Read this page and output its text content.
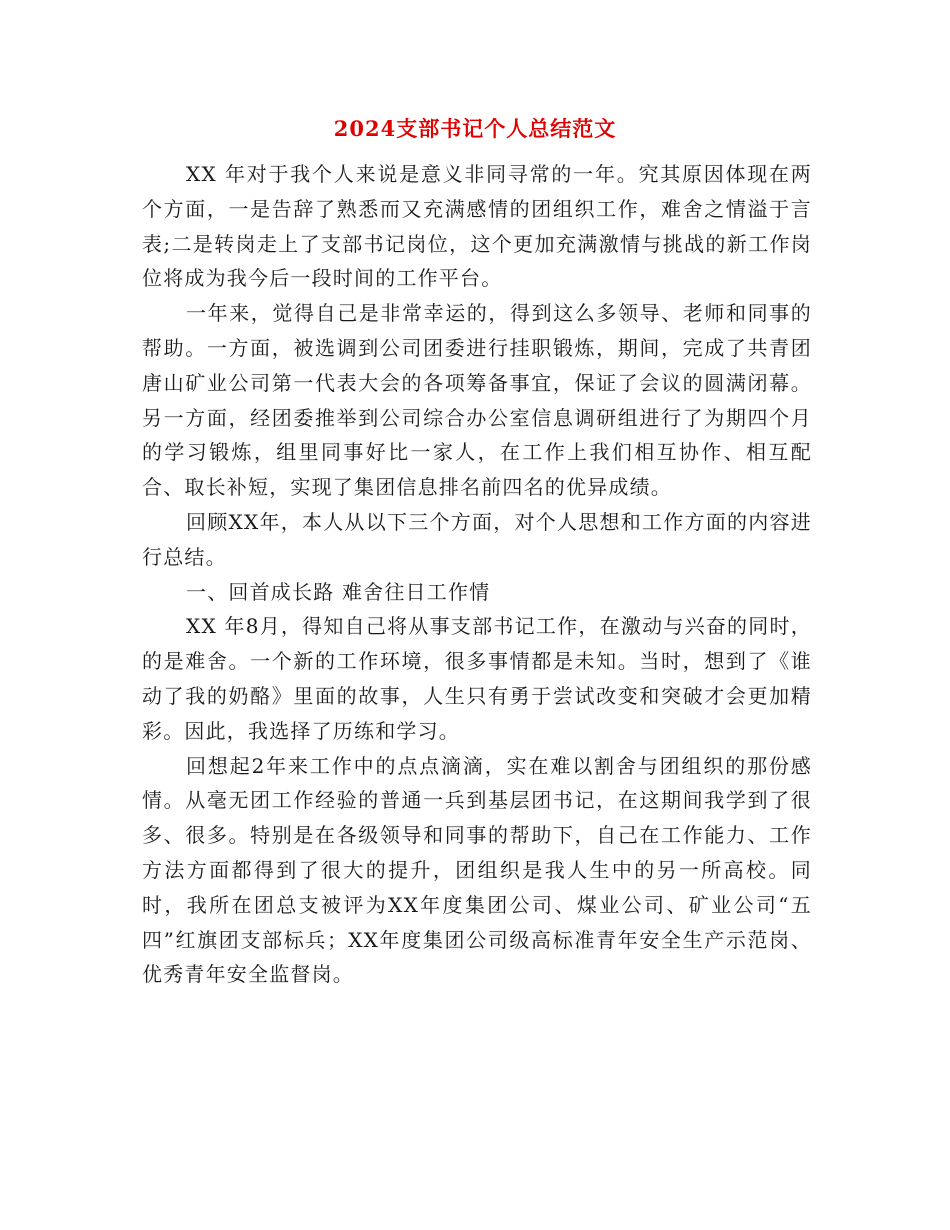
2024支部书记个人总结范文

XX 年对于我个人来说是意义非同寻常的一年。究其原因体现在两个方面，一是告辞了熟悉而又充满感情的团组织工作，难舍之情溢于言表;二是转岗走上了支部书记岗位，这个更加充满激情与挑战的新工作岗位将成为我今后一段时间的工作平台。

一年来，觉得自己是非常幸运的，得到这么多领导、老师和同事的帮助。一方面，被选调到公司团委进行挂职锻炼，期间，完成了共青团唐山矿业公司第一代表大会的各项筹备事宜，保证了会议的圆满闭幕。另一方面，经团委推举到公司综合办公室信息调研组进行了为期四个月的学习锻炼，组里同事好比一家人，在工作上我们相互协作、相互配合、取长补短，实现了集团信息排名前四名的优异成绩。

回顾XX年，本人从以下三个方面，对个人思想和工作方面的内容进行总结。

一、回首成长路 难舍往日工作情

XX 年8月，得知自己将从事支部书记工作，在激动与兴奋的同时，的是难舍。一个新的工作环境，很多事情都是未知。当时，想到了《谁动了我的奶酪》里面的故事，人生只有勇于尝试改变和突破才会更加精彩。因此，我选择了历练和学习。

回想起2年来工作中的点点滴滴，实在难以割舍与团组织的那份感情。从毫无团工作经验的普通一兵到基层团书记，在这期间我学到了很多、很多。特别是在各级领导和同事的帮助下，自己在工作能力、工作方法方面都得到了很大的提升，团组织是我人生中的另一所高校。同时，我所在团总支被评为XX年度集团公司、煤业公司、矿业公司“五四”红旗团支部标兵；XX年度集团公司级高标准青年安全生产示范岗、优秀青年安全监督岗。
